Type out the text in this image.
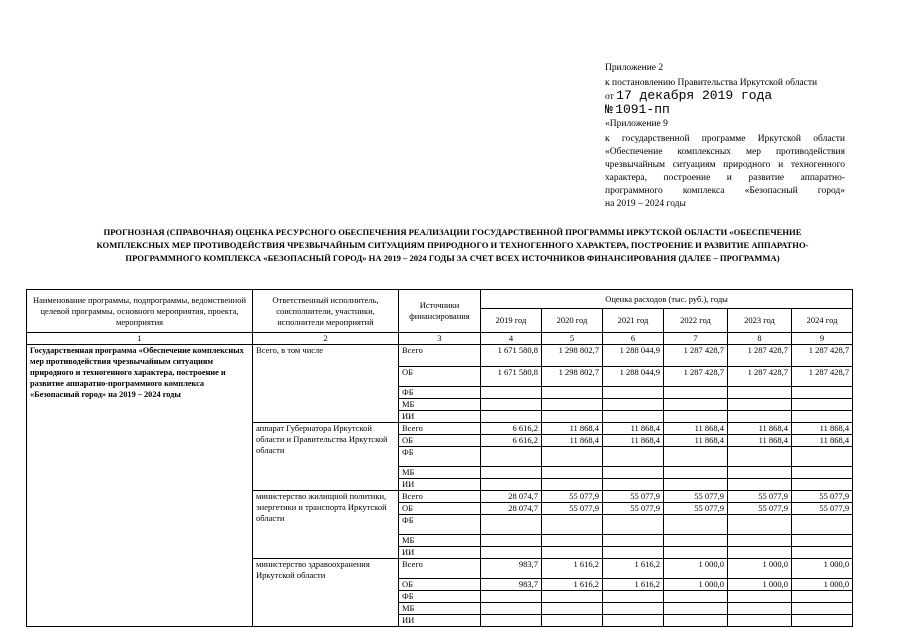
Приложение 2
к постановлению Правительства Иркутской области
от 17 декабря 2019 года
№ 1091-пп
«Приложение 9
к государственной программе Иркутской области
«Обеспечение комплексных мер противодействия
чрезвычайным ситуациям природного и техногенного
характера, построение и развитие аппаратно-
программного комплекса «Безопасный город»
на 2019 – 2024 годы
ПРОГНОЗНАЯ (СПРАВОЧНАЯ) ОЦЕНКА РЕСУРСНОГО ОБЕСПЕЧЕНИЯ РЕАЛИЗАЦИИ ГОСУДАРСТВЕННОЙ ПРОГРАММЫ ИРКУТСКОЙ ОБЛАСТИ «ОБЕСПЕЧЕНИЕ
КОМПЛЕКСНЫХ МЕР ПРОТИВОДЕЙСТВИЯ ЧРЕЗВЫЧАЙНЫМ СИТУАЦИЯМ ПРИРОДНОГО И ТЕХНОГЕННОГО ХАРАКТЕРА, ПОСТРОЕНИЕ И РАЗВИТИЕ АППАРАТНО-
ПРОГРАММНОГО КОМПЛЕКСА «БЕЗОПАСНЫЙ ГОРОД» НА 2019 – 2024 ГОДЫ ЗА СЧЕТ ВСЕХ ИСТОЧНИКОВ ФИНАНСИРОВАНИЯ (ДАЛЕЕ – ПРОГРАММА)
Наименование программы, подпрограммы, ведомственной целевой программы, основного мероприятия, проекта, мероприятия	Ответственный исполнитель, соисполнители, участники, исполнители мероприятий	Источники финансирования	Оценка расходов (тыс. руб.), годы					
			2019 год	2020 год	2021 год	2022 год	2023 год	2024 год
1	2	3	4	5	6	7	8	9
Государственная программа «Обеспечение комплексных мер противодействия чрезвычайным ситуациям природного и техногенного характера, построение и развитие аппаратно-программного комплекса «Безопасный город» на 2019 – 2024 годы	Всего, в том числе	Всего	1 671 580,8	1 298 802,7	1 288 044,9	1 287 428,7	1 287 428,7	1 287 428,7
		ОБ	1 671 580,8	1 298 802,7	1 288 044,9	1 287 428,7	1 287 428,7	1 287 428,7
		ФБ						
		МБ						
		ИИ						
	аппарат Губернатора Иркутской области и Правительства Иркутской области	Всего	6 616,2	11 868,4	11 868,4	11 868,4	11 868,4	11 868,4
		ОБ	6 616,2	11 868,4	11 868,4	11 868,4	11 868,4	11 868,4
		ФБ						
		МБ						
		ИИ						
	министерство жилищной политики, энергетики и транспорта Иркутской области	Всего	28 074,7	55 077,9	55 077,9	55 077,9	55 077,9	55 077,9
		ОБ	28 074,7	55 077,9	55 077,9	55 077,9	55 077,9	55 077,9
		ФБ						
		МБ						
		ИИ						
	министерство здравоохранения Иркутской области	Всего	983,7	1 616,2	1 616,2	1 000,0	1 000,0	1 000,0
		ОБ	983,7	1 616,2	1 616,2	1 000,0	1 000,0	1 000,0
		ФБ						
		МБ						
		ИИ						
